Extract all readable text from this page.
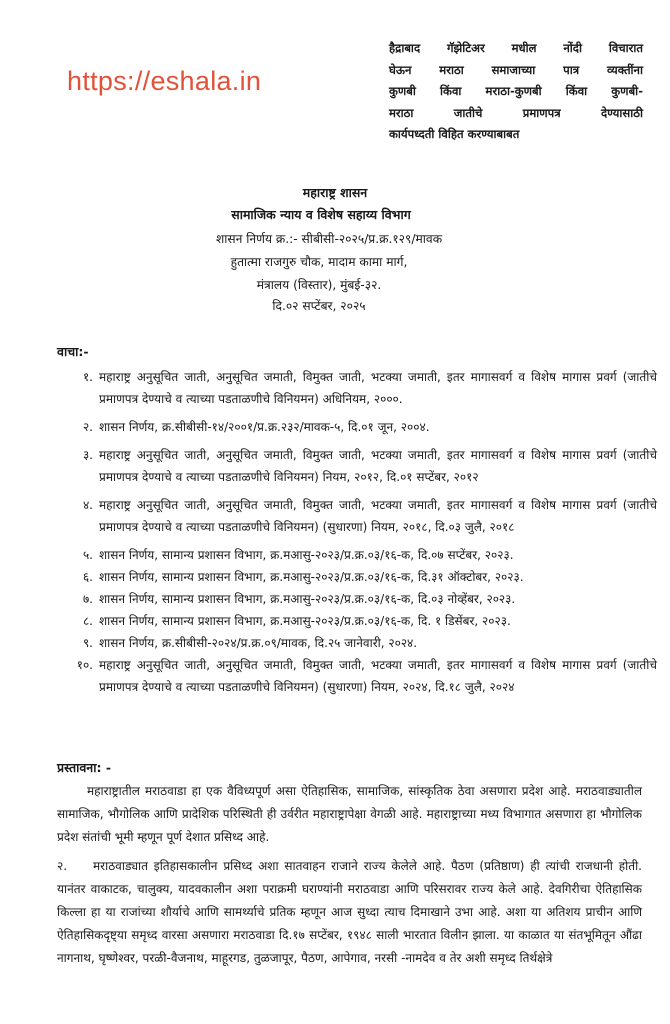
https://eshala.in
हैद्राबाद गॅझेटिअर मधील नोंदी विचारात
घेऊन मराठा समाजाच्या पात्र व्यक्तींना
कुणबी किंवा मराठा-कुणबी किंवा कुणबी-
मराठा जातीचे प्रमाणपत्र देण्यासाठी
कार्यपध्दती विहित करण्याबाबत
महाराष्ट्र शासन
सामाजिक न्याय व विशेष सहाय्य विभाग
शासन निर्णय क्र.:- सीबीसी-२०२५/प्र.क्र.१२९/मावक
हुतात्मा राजगुरु चौक, मादाम कामा मार्ग,
मंत्रालय (विस्तार), मुंबई-३२.
दि.०२ सप्टेंबर, २०२५
वाचा:-
१. महाराष्ट्र अनुसूचित जाती, अनुसूचित जमाती, विमुक्त जाती, भटक्या जमाती, इतर मागासवर्ग व विशेष मागास प्रवर्ग (जातीचे प्रमाणपत्र देण्याचे व त्याच्या पडताळणीचे विनियमन) अधिनियम, २०००.
२. शासन निर्णय, क्र.सीबीसी-१४/२००१/प्र.क्र.२३२/मावक-५, दि.०१ जून, २००४.
३. महाराष्ट्र अनुसूचित जाती, अनुसूचित जमाती, विमुक्त जाती, भटक्या जमाती, इतर मागासवर्ग व विशेष मागास प्रवर्ग (जातीचे प्रमाणपत्र देण्याचे व त्याच्या पडताळणीचे विनियमन) नियम, २०१२, दि.०१ सप्टेंबर, २०१२
४. महाराष्ट्र अनुसूचित जाती, अनुसूचित जमाती, विमुक्त जाती, भटक्या जमाती, इतर मागासवर्ग व विशेष मागास प्रवर्ग (जातीचे प्रमाणपत्र देण्याचे व त्याच्या पडताळणीचे विनियमन) (सुधारणा) नियम, २०१८, दि.०३ जुलै, २०१८
५. शासन निर्णय, सामान्य प्रशासन विभाग, क्र.मआसु-२०२३/प्र.क्र.०३/१६-क, दि.०७ सप्टेंबर, २०२३.
६. शासन निर्णय, सामान्य प्रशासन विभाग, क्र.मआसु-२०२३/प्र.क्र.०३/१६-क, दि.३१ ऑक्टोबर, २०२३.
७. शासन निर्णय, सामान्य प्रशासन विभाग, क्र.मआसु-२०२३/प्र.क्र.०३/१६-क, दि.०३ नोव्हेंबर, २०२३.
८. शासन निर्णय, सामान्य प्रशासन विभाग, क्र.मआसु-२०२३/प्र.क्र.०३/१६-क, दि. १ डिसेंबर, २०२३.
९. शासन निर्णय, क्र.सीबीसी-२०२४/प्र.क्र.०९/मावक, दि.२५ जानेवारी, २०२४.
१०. महाराष्ट्र अनुसूचित जाती, अनुसूचित जमाती, विमुक्त जाती, भटक्या जमाती, इतर मागासवर्ग व विशेष मागास प्रवर्ग (जातीचे प्रमाणपत्र देण्याचे व त्याच्या पडताळणीचे विनियमन) (सुधारणा) नियम, २०२४, दि.१८ जुलै, २०२४
प्रस्तावना: -
महाराष्ट्रातील मराठवाडा हा एक वैविध्यपूर्ण असा ऐतिहासिक, सामाजिक, सांस्कृतिक ठेवा असणारा प्रदेश आहे. मराठवाड्यातील सामाजिक, भौगोलिक आणि प्रादेशिक परिस्थिती ही उर्वरीत महाराष्ट्रापेक्षा वेगळी आहे. महाराष्ट्राच्या मध्य विभागात असणारा हा भौगोलिक प्रदेश संतांची भूमी म्हणून पूर्ण देशात प्रसिध्द आहे.
२. मराठवाड्यात इतिहासकालीन प्रसिध्द अशा सातवाहन राजाने राज्य केलेले आहे. पैठण (प्रतिष्ठाण) ही त्यांची राजधानी होती. यानंतर वाकाटक, चालुक्य, यादवकालीन अशा पराक्रमी घराण्यांनी मराठवाडा आणि परिसरावर राज्य केले आहे. देवगिरीचा ऐतिहासिक किल्ला हा या राजांच्या शौर्याचे आणि सामर्थ्याचे प्रतिक म्हणून आज सुध्दा त्याच दिमाखाने उभा आहे. अशा या अतिशय प्राचीन आणि ऐतिहासिकदृष्ट्या समृध्द वारसा असणारा मराठवाडा दि.१७ सप्टेंबर, १९४८ साली भारतात विलीन झाला. या काळात या संतभूमितून औंढा नागनाथ, घृष्णेश्वर, परळी-वैजनाथ, माहूरगड, तुळजापूर, पैठण, आपेगाव, नरसी -नामदेव व तेर अशी समृध्द तिर्थक्षेत्रे
